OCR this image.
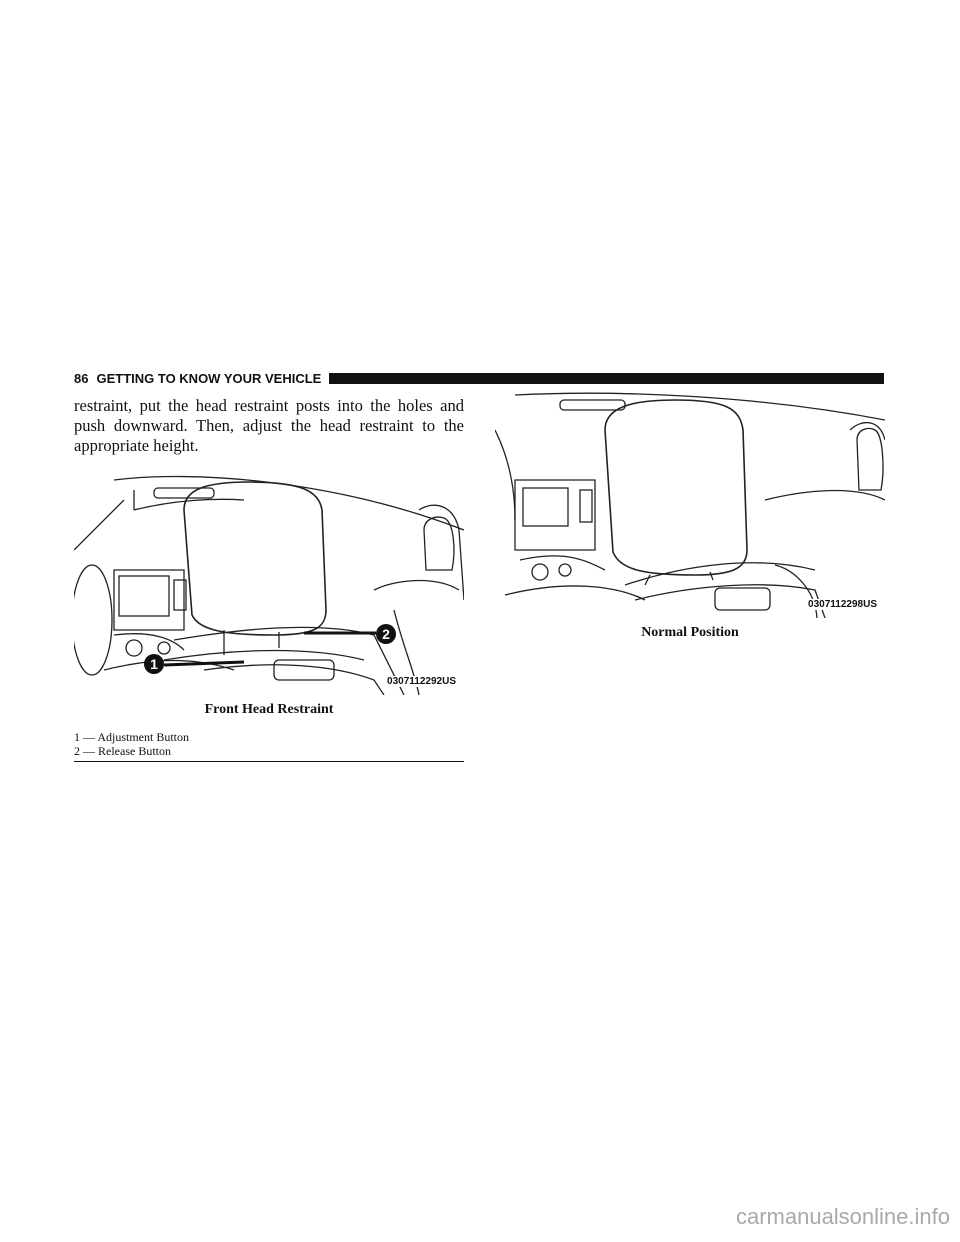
86 GETTING TO KNOW YOUR VEHICLE

restraint, put the head restraint posts into the holes and push downward. Then, adjust the head restraint to the appropriate height.

1
2
0307112292US
Front Head Restraint
1 — Adjustment Button
2 — Release Button
0307112298US
Normal Position
carmanualsonline.info
